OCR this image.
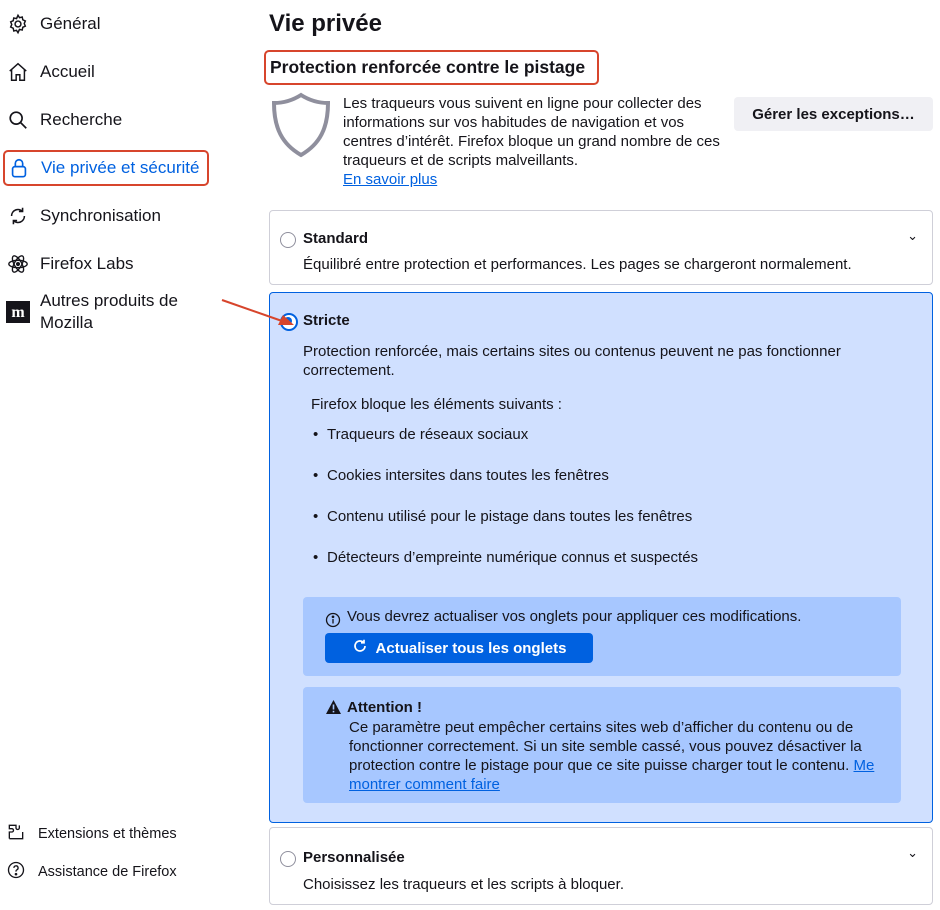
Général
Accueil
Recherche
Vie privée et sécurité
Synchronisation
Firefox Labs
m
Autres produits de
Mozilla
Extensions et thèmes
Assistance de Firefox
Vie privée
Protection renforcée contre le pistage
Les traqueurs vous suivent en ligne pour collecter des informations sur vos habitudes de navigation et vos centres d’intérêt. Firefox bloque un grand nombre de ces traqueurs et de scripts malveillants.
En savoir plus
Gérer les exceptions…
Standard	⌄
Équilibré entre protection et performances. Les pages se chargeront normalement.
Stricte
Protection renforcée, mais certains sites ou contenus peuvent ne pas fonctionner correctement.
Firefox bloque les éléments suivants :
• Traqueurs de réseaux sociaux
• Cookies intersites dans toutes les fenêtres
• Contenu utilisé pour le pistage dans toutes les fenêtres
• Détecteurs d’empreinte numérique connus et suspectés
Vous devrez actualiser vos onglets pour appliquer ces modifications.
Actualiser tous les onglets
Attention !
Ce paramètre peut empêcher certains sites web d’afficher du contenu ou de fonctionner correctement. Si un site semble cassé, vous pouvez désactiver la protection contre le pistage pour que ce site puisse charger tout le contenu. Me montrer comment faire
Personnalisée	⌄
Choisissez les traqueurs et les scripts à bloquer.
